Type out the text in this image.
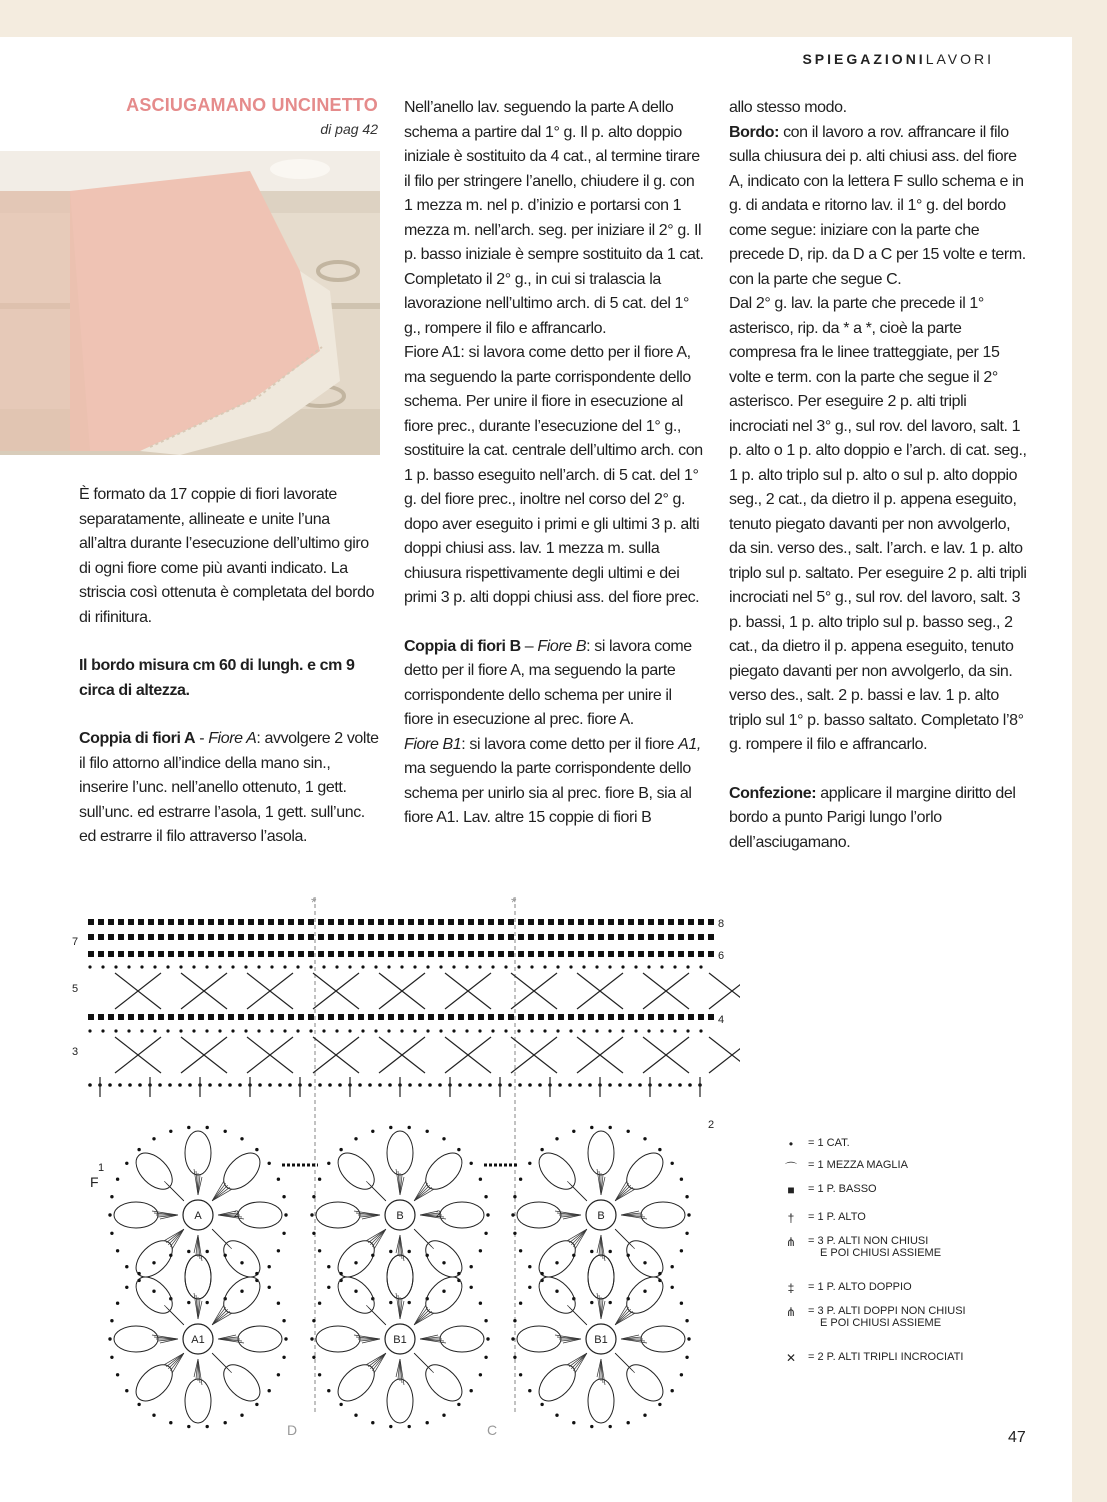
SPIEGAZIONILAVORI
ASCIUGAMANO UNCINETTO
di pag 42

È formato da 17 coppie di fiori lavorate separatamente, allineate e unite l’una all’altra durante l’esecuzione dell’ultimo giro di ogni fiore come più avanti indicato. La striscia così ottenuta è completata del bordo di rifinitura.

Il bordo misura cm 60 di lungh. e cm 9 circa di altezza.

Coppia di fiori A - Fiore A: avvolgere 2 volte il filo attorno all’indice della mano sin., inserire l’unc. nell’anello ottenuto, 1 gett. sull’unc. ed estrarre l’asola, 1 gett. sull’unc. ed estrarre il filo attraverso l’asola.

Nell’anello lav. seguendo la parte A dello schema a partire dal 1° g. Il p. alto doppio iniziale è sostituito da 4 cat., al termine tirare il filo per stringere l’anello, chiudere il g. con 1 mezza m. nel p. d’inizio e portarsi con 1 mezza m. nell’arch. seg. per iniziare il 2° g. Il p. basso iniziale è sempre sostituito da 1 cat. Completato il 2° g., in cui si tralascia la lavorazione nell’ultimo arch. di 5 cat. del 1° g., rompere il filo e affrancarlo.

Fiore A1: si lavora come detto per il fiore A, ma seguendo la parte corrispondente dello schema. Per unire il fiore in esecuzione al fiore prec., durante l’esecuzione del 1° g., sostituire la cat. centrale dell’ultimo arch. con 1 p. basso eseguito nell’arch. di 5 cat. del 1° g. del fiore prec., inoltre nel corso del 2° g. dopo aver eseguito i primi e gli ultimi 3 p. alti doppi chiusi ass. lav. 1 mezza m. sulla chiusura rispettivamente degli ultimi e dei primi 3 p. alti doppi chiusi ass. del fiore prec.

Coppia di fiori B – Fiore B: si lavora come detto per il fiore A, ma seguendo la parte corrispondente dello schema per unire il fiore in esecuzione al prec. fiore A.

Fiore B1: si lavora come detto per il fiore A1, ma seguendo la parte corrispondente dello schema per unirlo sia al prec. fiore B, sia al fiore A1. Lav. altre 15 coppie di fiori B

allo stesso modo.

Bordo: con il lavoro a rov. affrancare il filo sulla chiusura dei p. alti chiusi ass. del fiore A, indicato con la lettera F sullo schema e in g. di andata e ritorno lav. il 1° g. del bordo come segue: iniziare con la parte che precede D, rip. da D a C per 15 volte e term. con la parte che segue C.

Dal 2° g. lav. la parte che precede il 1° asterisco, rip. da * a *, cioè la parte compresa fra le linee tratteggiate, per 15 volte e term. con la parte che segue il 2° asterisco. Per eseguire 2 p. alti tripli incrociati nel 3° g., sul rov. del lavoro, salt. 1 p. alto o 1 p. alto doppio e l’arch. di cat. seg., 1 p. alto triplo sul p. alto o sul p. alto doppio seg., 2 cat., da dietro il p. appena eseguito, tenuto piegato davanti per non avvolgerlo, da sin. verso des., salt. l’arch. e lav. 1 p. alto triplo sul p. saltato. Per eseguire 2 p. alti tripli incrociati nel 5° g., sul rov. del lavoro, salt. 3 p. bassi, 1 p. alto triplo sul p. basso seg., 2 cat., da dietro il p. appena eseguito, tenuto piegato davanti per non avvolgerlo, da sin. verso des., salt. 2 p. bassi e lav. 1 p. alto triplo sul 1° p. basso saltato. Completato l’8° g. rompere il filo e affrancarlo.

Confezione: applicare il margine diritto del bordo a punto Parigi lungo l’orlo dell’asciugamano.

*	*
7
5
3
1
8
6
4
2
F
A
A1
B
B1
B
B1
2	2
D	C
•	= 1 CAT.
⌒	= 1 MEZZA MAGLIA
■	= 1 P. BASSO
†	= 1 P. ALTO
⋔	= 3 P. ALTI NON CHIUSI
E POI CHIUSI ASSIEME
‡	= 1 P. ALTO DOPPIO
⋔	= 3 P. ALTI DOPPI NON CHIUSI
E POI CHIUSI ASSIEME
✕	= 2 P. ALTI TRIPLI INCROCIATI
47
